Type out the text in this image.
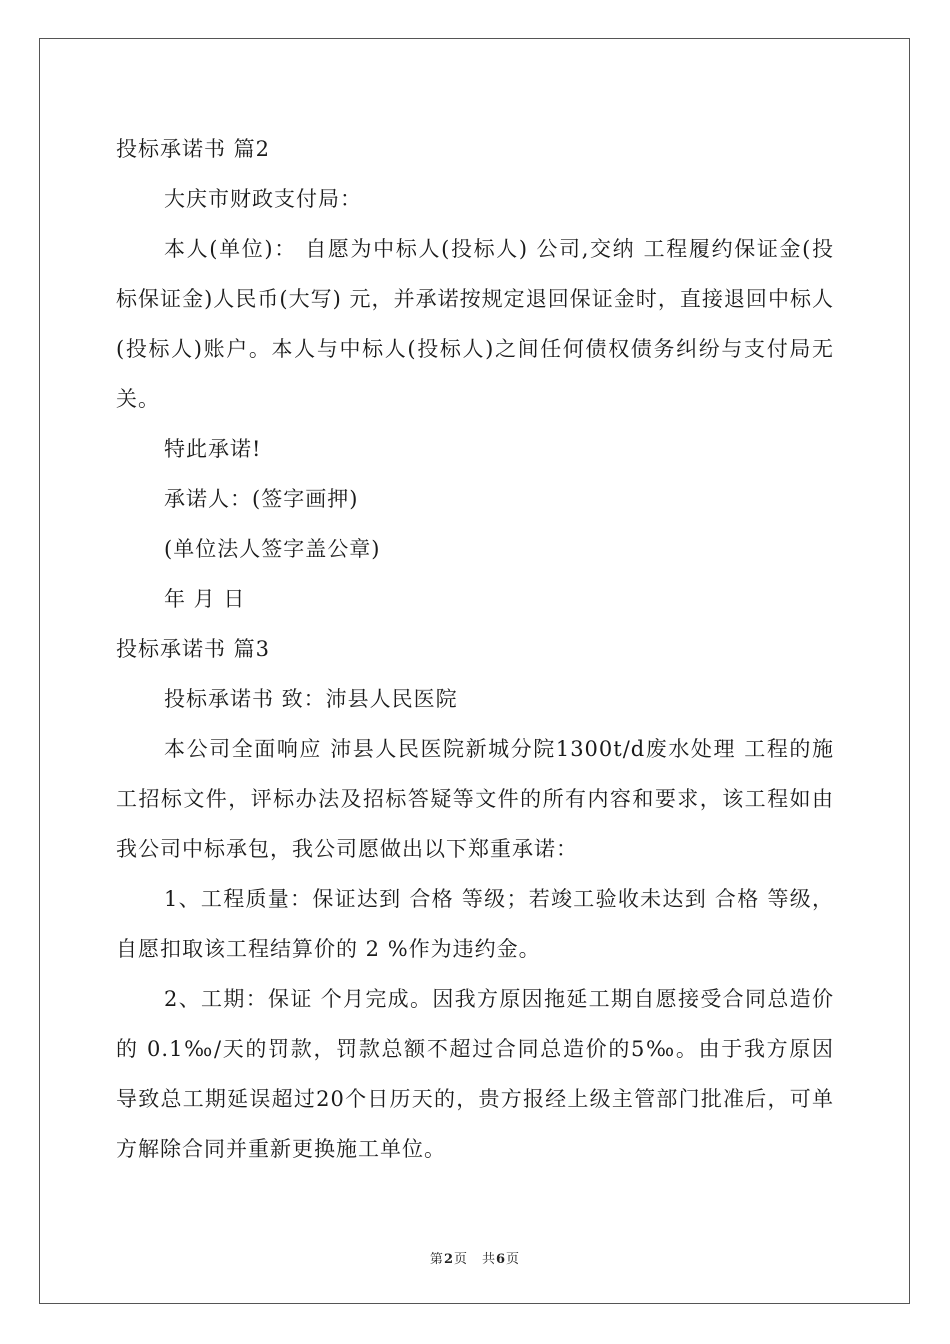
投标承诺书 篇2
大庆市财政支付局：

本人(单位)： 自愿为中标人(投标人) 公司,交纳 工程履约保证金(投标保证金)人民币(大写) 元，并承诺按规定退回保证金时，直接退回中标人(投标人)账户。本人与中标人(投标人)之间任何债权债务纠纷与支付局无关。

特此承诺!
承诺人：(签字画押)
(单位法人签字盖公章)
年 月 日
投标承诺书 篇3
投标承诺书 致：沛县人民医院

本公司全面响应 沛县人民医院新城分院1300t/d废水处理 工程的施工招标文件，评标办法及招标答疑等文件的所有内容和要求，该工程如由我公司中标承包，我公司愿做出以下郑重承诺：

1、工程质量：保证达到 合格 等级；若竣工验收未达到 合格 等级，自愿扣取该工程结算价的 2 %作为违约金。

2、工期：保证 个月完成。因我方原因拖延工期自愿接受合同总造价的 0.1‰/天的罚款，罚款总额不超过合同总造价的5‰。由于我方原因导致总工期延误超过20个日历天的，贵方报经上级主管部门批准后，可单方解除合同并重新更换施工单位。

第2页　共6页
